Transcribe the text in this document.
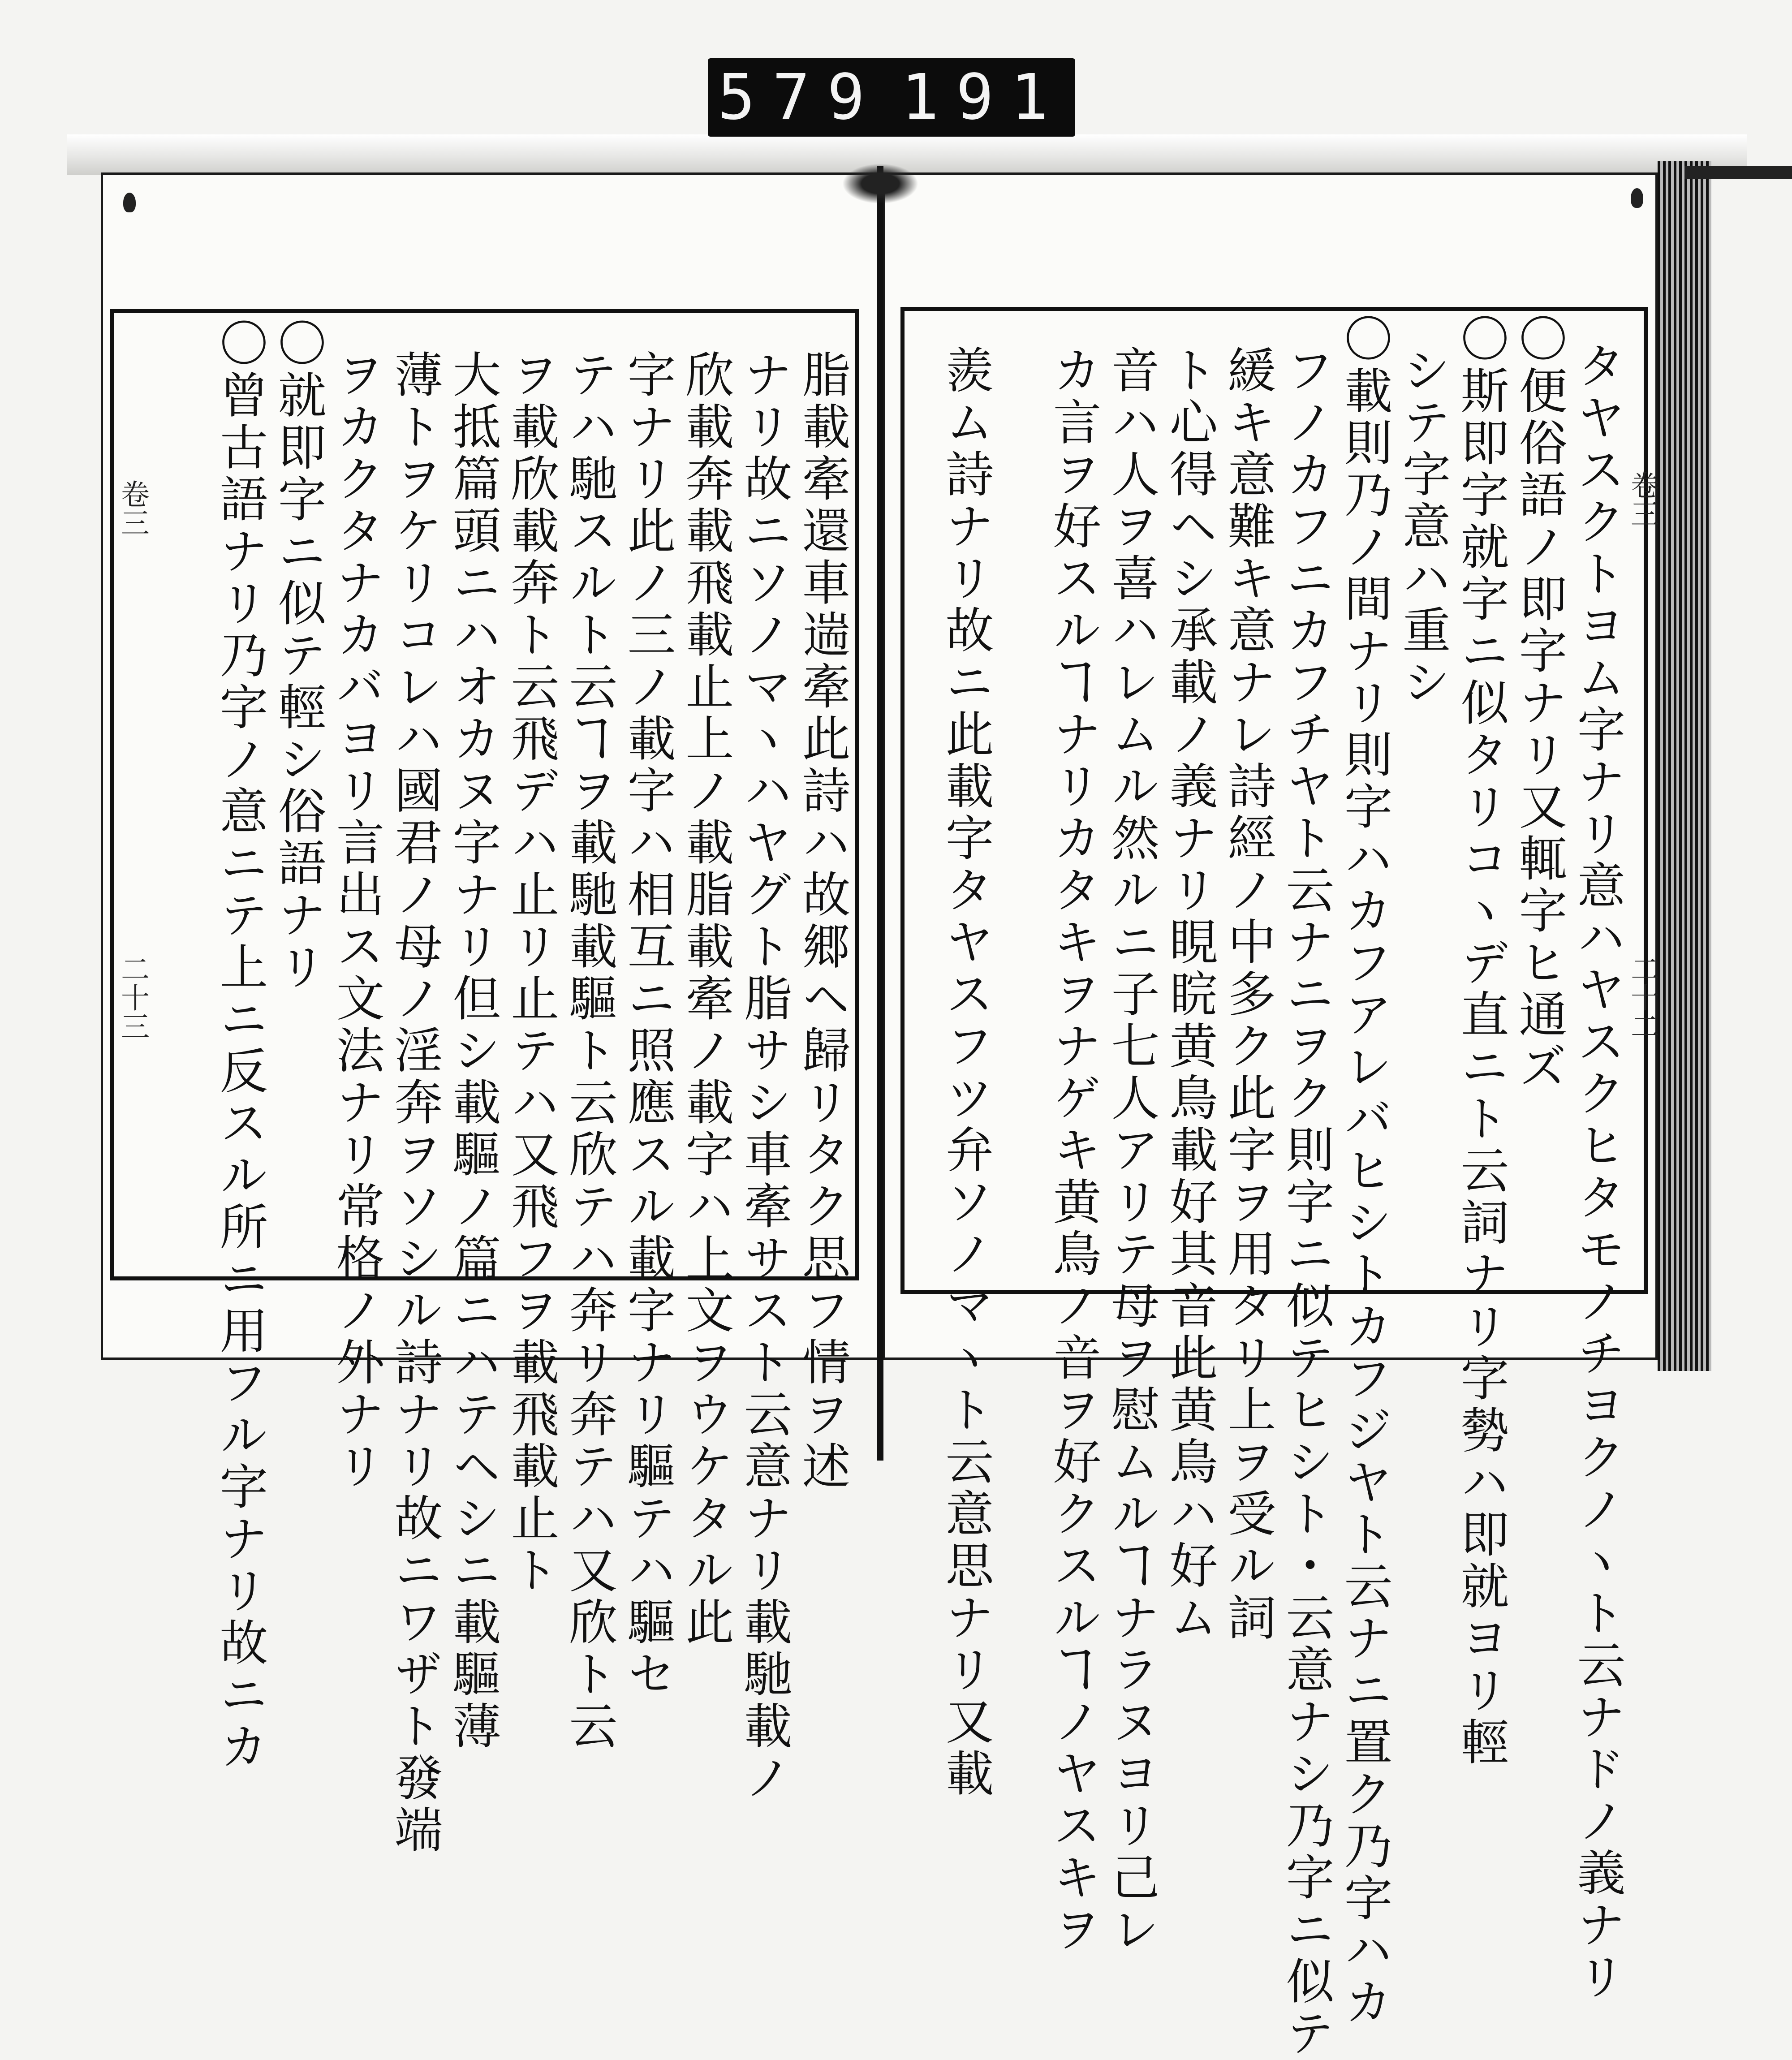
579 191
タヤスクトヨム字ナリ意ハヤスクヒタモノチヨクノヽト云ナドノ義ナリ
〇便俗語ノ即字ナリ又輒字ヒ通ズ
〇斯即字就字ニ似タリコヽデ直ニト云詞ナリ字勢ハ即就ヨリ輕
シテ字意ハ重シ
〇載則乃ノ間ナリ則字ハカフアレバヒシトカフジヤト云ナニ置ク乃字ハカ
フノカフニカフチヤト云ナニヲク則字ニ似テヒシト・云意ナシ乃字ニ似テ
緩キ意難キ意ナレ詩經ノ中多ク此字ヲ用タリ上ヲ受ル詞
ト心得ヘシ承載ノ義ナリ睍睆黄鳥載好其音此黄鳥ハ好ム
音ハ人ヲ喜ハレムル然ルニ子七人アリテ母ヲ慰ムルヿナラヌヨリ己レ
カ言ヲ好スルヿナリカタキヲナゲキ黄鳥ノ音ヲ好クスルヿノヤスキヲ
羨ム詩ナリ故ニ此載字タヤスフツ弁ソノマヽト云意思ナリ又載	卷三
二十二
脂載牽還車遄牽此詩ハ故郷ヘ歸リタク思フ情ヲ述
ナリ故ニソノマヽハヤグト脂サシ車牽サスト云意ナリ載馳載ノ
欣載奔載飛載止上ノ載脂載牽ノ載字ハ上文ヲウケタル此
字ナリ此ノ三ノ載字ハ相互ニ照應スル載字ナリ驅テハ驅セ
テハ馳スルト云ヿヲ載馳載驅ト云欣テハ奔リ奔テハ又欣ト云
ヲ載欣載奔ト云飛デハ止リ止テハ又飛フヲ載飛載止ト
大抵篇頭ニハオカヌ字ナリ但シ載驅ノ篇ニハテヘシニ載驅薄
薄トヲケリコレハ國君ノ母ノ淫奔ヲソシル詩ナリ故ニワザト發端
ヲカクタナカバヨリ言出ス文法ナリ常格ノ外ナリ
〇就即字ニ似テ輕シ俗語ナリ
〇曾古語ナリ乃字ノ意ニテ上ニ反スル所ニ用フル字ナリ故ニカ
卷三
二十三
